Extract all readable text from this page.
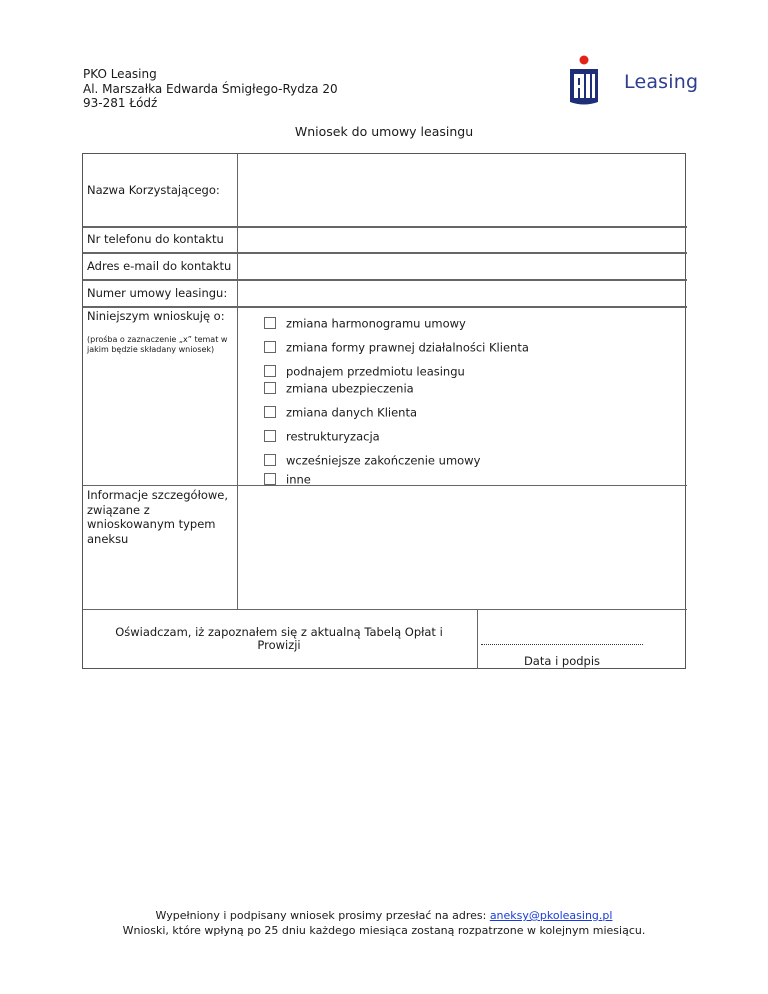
PKO Leasing
Al. Marszałka Edwarda Śmigłego-Rydza 20
93-281 Łódź
Leasing
Wniosek do umowy leasingu
Nazwa Korzystającego:
Nr telefonu do kontaktu
Adres e-mail do kontaktu
Numer umowy leasingu:
Niniejszym wnioskuję o:
(prośba o zaznaczenie „x” temat w jakim będzie składany wniosek)
zmiana harmonogramu umowy
zmiana formy prawnej działalności Klienta
podnajem przedmiotu leasingu
zmiana ubezpieczenia
zmiana danych Klienta
restrukturyzacja
wcześniejsze zakończenie umowy
inne
Informacje szczegółowe, związane z wnioskowanym typem aneksu
Oświadczam, iż zapoznałem się z aktualną Tabelą Opłat i Prowizji
Data i podpis
Wypełniony i podpisany wniosek prosimy przesłać na adres: aneksy@pkoleasing.pl
Wnioski, które wpłyną po 25 dniu każdego miesiąca zostaną rozpatrzone w kolejnym miesiącu.
